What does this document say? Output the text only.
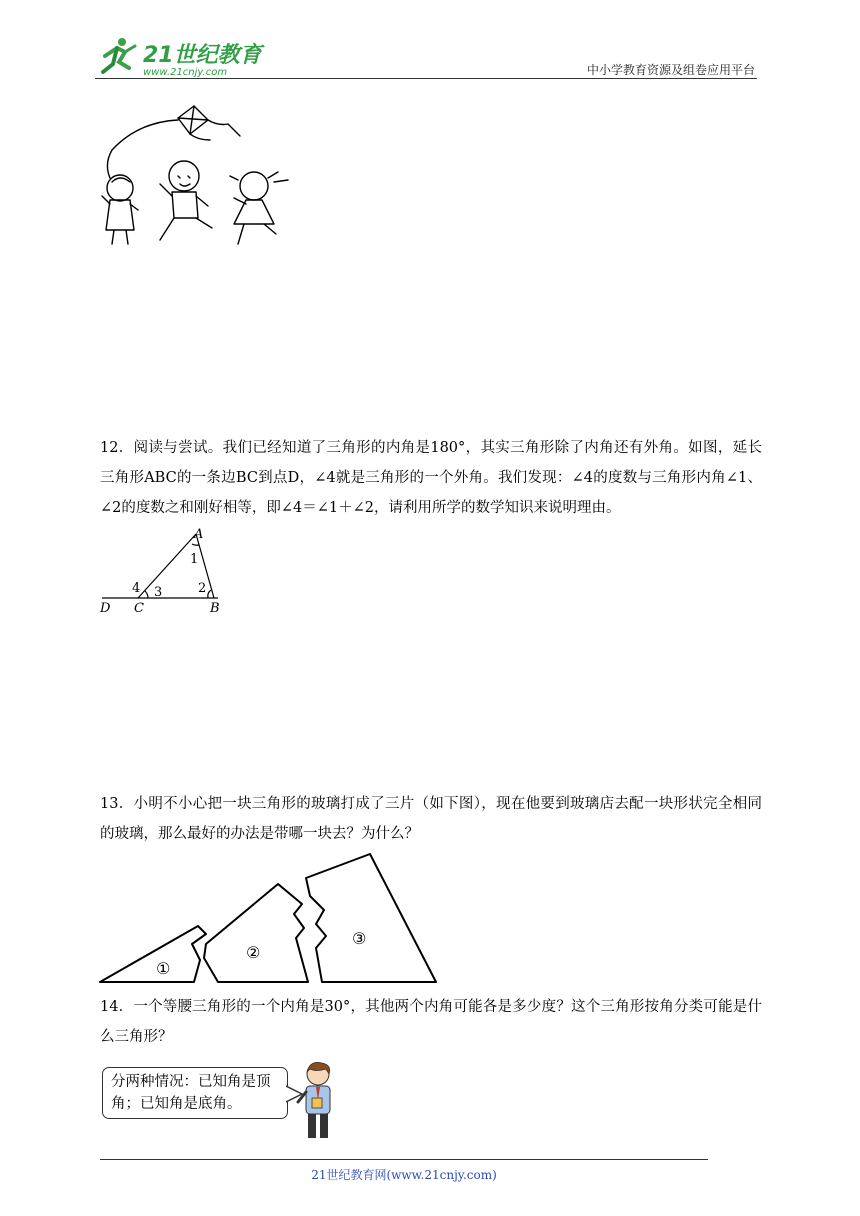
21世纪教育
www.21cnjy.com	中小学教育资源及组卷应用平台
12．阅读与尝试。我们已经知道了三角形的内角是180°，其实三角形除了内角还有外角。如图，延长三角形ABC的一条边BC到点D，∠4就是三角形的一个外角。我们发现：∠4的度数与三角形内角∠1、∠2的度数之和刚好相等，即∠4＝∠1＋∠2，请利用所学的数学知识来说明理由。
A
B
C
D
1
2
3
4
13．小明不小心把一块三角形的玻璃打成了三片（如下图），现在他要到玻璃店去配一块形状完全相同的玻璃，那么最好的办法是带哪一块去？为什么？
①
②
③
14．一个等腰三角形的一个内角是30°，其他两个内角可能各是多少度？这个三角形按角分类可能是什么三角形？
分两种情况：已知角是顶角；已知角是底角。
21世纪教育网(www.21cnjy.com)
